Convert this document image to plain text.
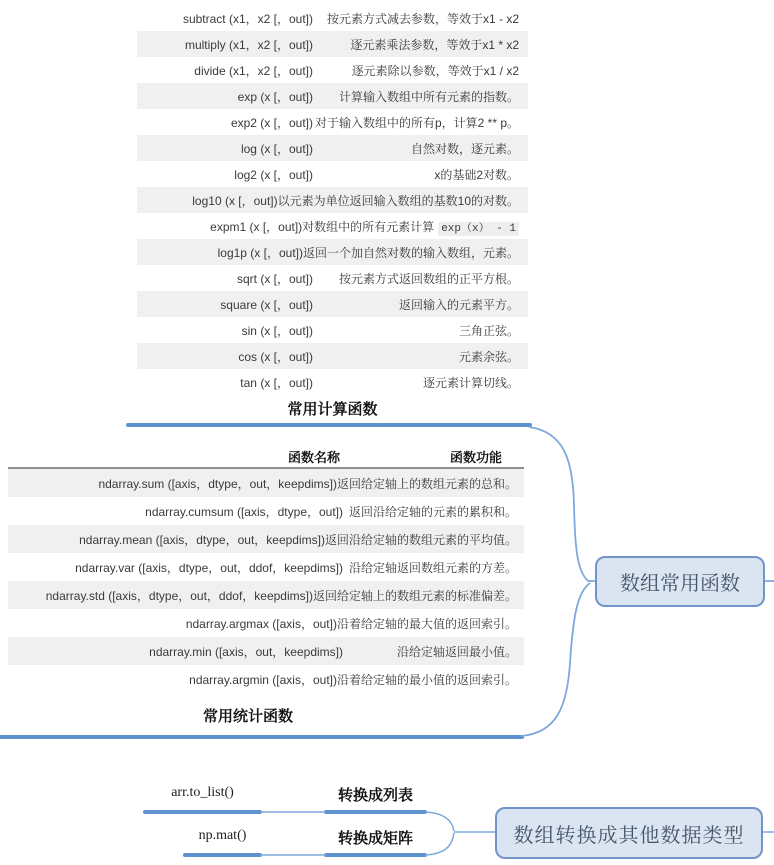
subtract (x1，x2 [，out])	按元素方式减去参数，等效于x1 - x2
multiply (x1，x2 [，out])	逐元素乘法参数，等效于x1 * x2
divide (x1，x2 [，out])	逐元素除以参数，等效于x1 / x2
exp (x [，out])	计算输入数组中所有元素的指数。
exp2 (x [，out]) 对于输入数组中的所有p，计算2 ** p。
log (x [，out])	自然对数，逐元素。
log2 (x [，out])	x的基础2对数。
log10 (x [，out]) 以元素为单位返回输入数组的基数10的对数。
expm1 (x [，out]) 对数组中的所有元素计算 exp（x） - 1
log1p (x [，out]) 返回一个加自然对数的输入数组，元素。
sqrt (x [，out])	按元素方式返回数组的正平方根。
square (x [，out])	返回输入的元素平方。
sin (x [，out])	三角正弦。
cos (x [，out])	元素余弦。
tan (x [，out])	逐元素计算切线。
常用计算函数
函数名称	函数功能
ndarray.sum ([axis，dtype，out，keepdims]) 返回给定轴上的数组元素的总和。
ndarray.cumsum ([axis，dtype，out]) 返回沿给定轴的元素的累积和。
ndarray.mean ([axis，dtype，out，keepdims]) 返回沿给定轴的数组元素的平均值。
ndarray.var ([axis，dtype，out，ddof，keepdims]) 沿给定轴返回数组元素的方差。
ndarray.std ([axis，dtype，out，ddof，keepdims]) 返回给定轴上的数组元素的标准偏差。
ndarray.argmax ([axis，out]) 沿着给定轴的最大值的返回索引。
ndarray.min ([axis，out，keepdims])	沿给定轴返回最小值。
ndarray.argmin ([axis，out]) 沿着给定轴的最小值的返回索引。
常用统计函数
数组常用函数
arr.to_list()	转换成列表
np.mat()	转换成矩阵	数组转换成其他数据类型
